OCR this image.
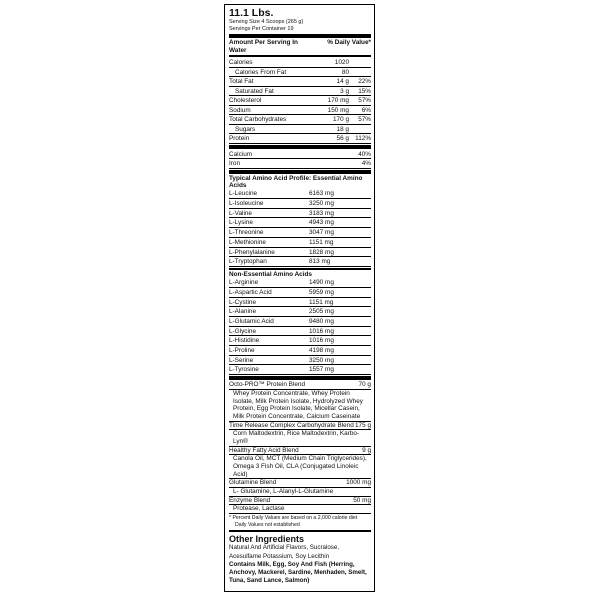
11.1 Lbs.
Serving Size 4 Scoops (265 g)
Servings Per Container 19
Amount Per Serving In Water
% Daily Value*
Calories	1020
Calories From Fat	80
Total Fat	14 g	22%
Saturated Fat	3 g	15%
Cholesterol	170 mg	57%
Sodium	150 mg	6%
Total Carbohydrates	170 g	57%
Sugars	18 g
Protein	56 g 112%
Calcium	40%
Iron	4%
Typical Amino Acid Profile: Essential Amino Acids
L-Leucine	6163 mg
L-Isoleucine	3250 mg
L-Valine	3183 mg
L-Lysine	4943 mg
L-Threonine	3047 mg
L-Methionine	1151 mg
L-Phenylalanine	1828 mg
L-Tryptophan	813 mg
Non-Essential Amino Acids
L-Arginine	1490 mg
L-Aspartic Acid	5959 mg
L-Cystine	1151 mg
L-Alanine	2505 mg
L-Glutamic Acid	9480 mg
L-Glycine	1016 mg
L-Histidine	1016 mg
L-Proline	4198 mg
L-Serine	3250 mg
L-Tyrosine	1557 mg
Octo-PRO™ Protein Blend	70 g
Whey Protein Concentrate, Whey Protein Isolate, Milk Protein Isolate, Hydrolyzed Whey Protein, Egg Protein Isolate, Micellar Casein, Milk Protein Concentrate, Calcium Caseinate
Time Release Complex Carbohydrate Blend 175 g
Corn Maltodextrin, Rice Maltodextrin, Karbo-Lyn®
Healthy Fatty Acid Blend	9 g
Canola Oil, MCT (Medium Chain Triglycerides), Omega 3 Fish Oil, CLA (Conjugated Linoleic Acid)
Glutamine Blend	1000 mg
L- Glutamine, L-Alanyl-L-Glutamine
Enzyme Blend	50 mg
Protease, Lactase
* Percent Daily Values are based on a 2,000 calorie diet
Daily Values not established
Other Ingredients
Natural And Artificial Flavors, Sucralose, Acesulfame Potassium, Soy Lecithin
Contains Milk, Egg, Soy And Fish (Herring, Anchovy, Mackerel, Sardine, Menhaden, Smelt, Tuna, Sand Lance, Salmon)
